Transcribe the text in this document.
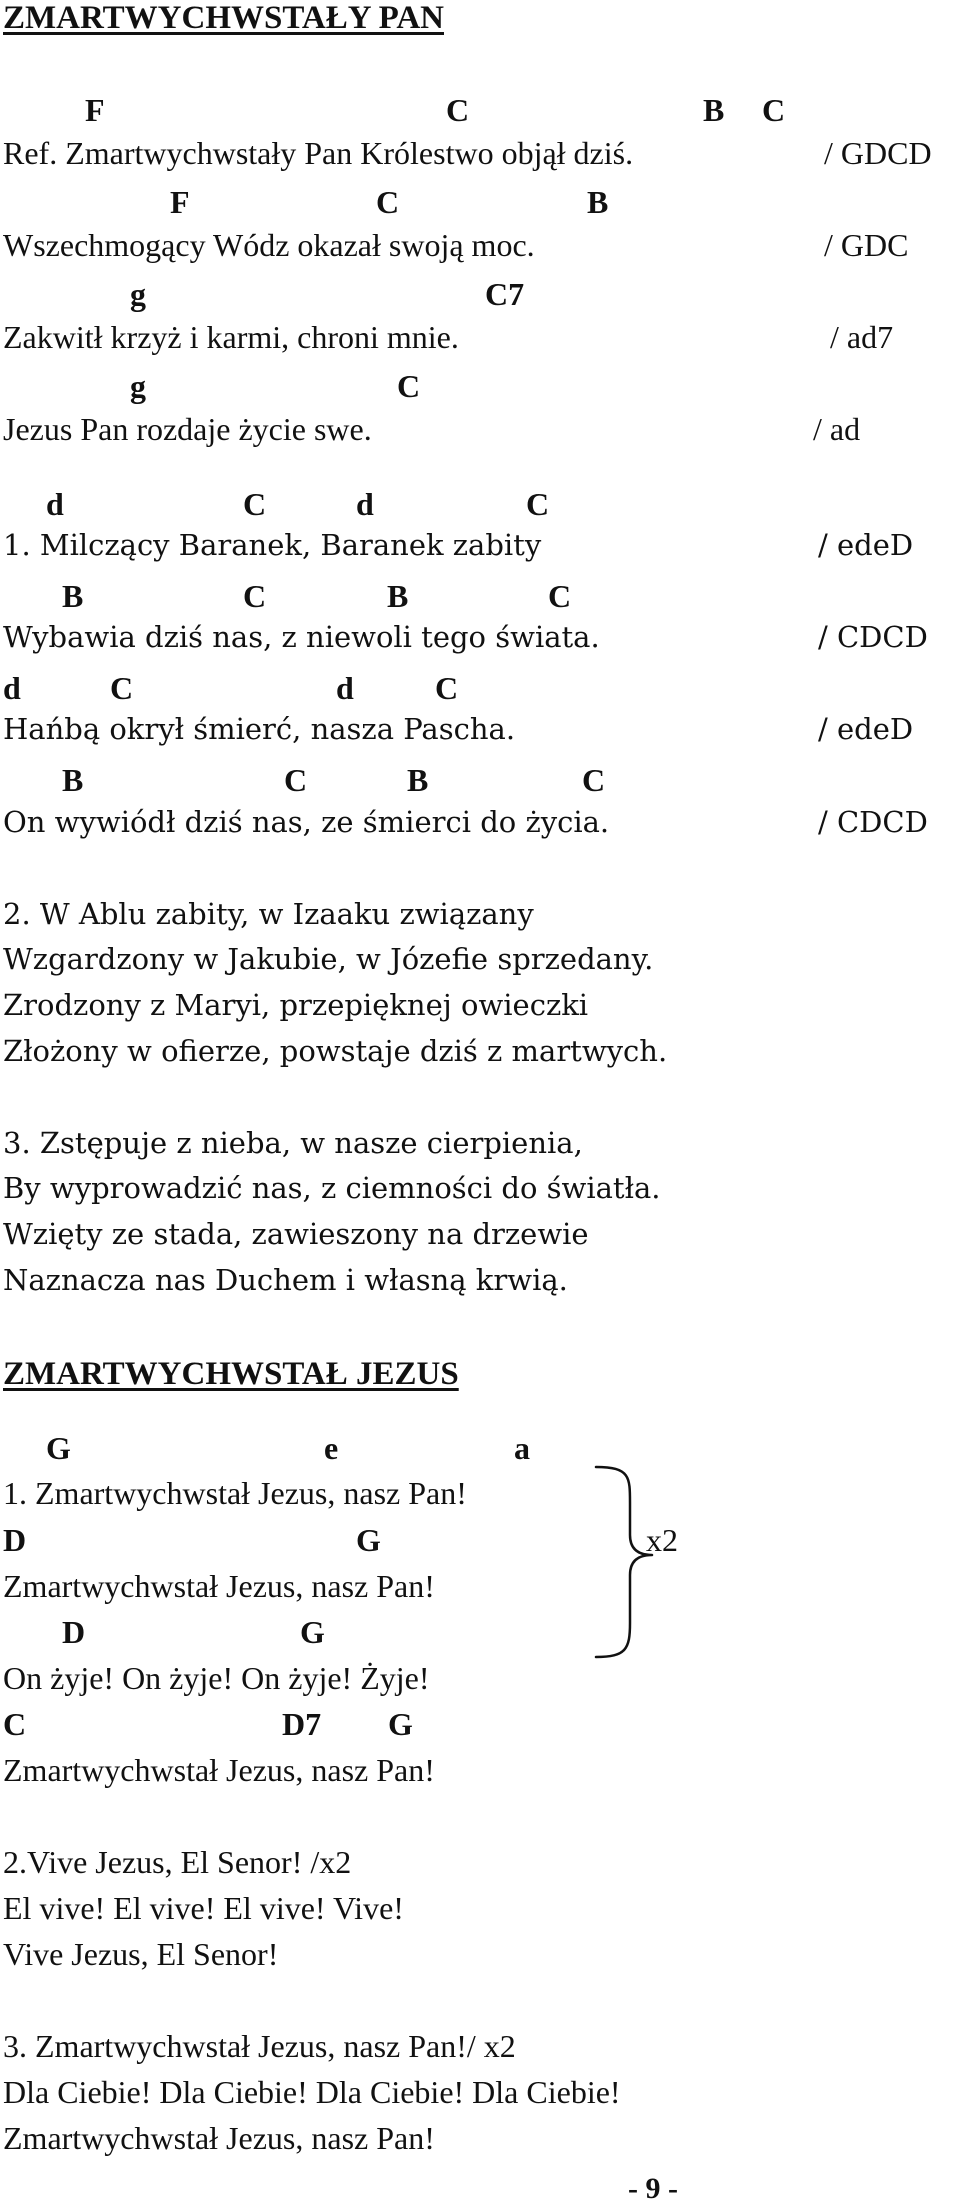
ZMARTWYCHWSTAŁY PAN
F	C	B C
Ref. Zmartwychwstały Pan Królestwo objął dziś.	/ GDCD
F	C	B
Wszechmogący Wódz okazał swoją moc.	/ GDC
g	C7
Zakwitł krzyż i karmi, chroni mnie.	/ ad7
g	C
Jezus Pan rozdaje życie swe.	/ ad
d	C	d	C
1. Milczący Baranek, Baranek zabity	/ edeD
B	C	B	C
Wybawia dziś nas, z niewoli tego świata.	/ CDCD
d	C	d	C
Hańbą okrył śmierć, nasza Pascha.	/ edeD
B	C	B	C
On wywiódł dziś nas, ze śmierci do życia.	/ CDCD
2. W Ablu zabity, w Izaaku związany
Wzgardzony w Jakubie, w Józefie sprzedany.
Zrodzony z Maryi, przepięknej owieczki
Złożony w ofierze, powstaje dziś z martwych.
3. Zstępuje z nieba, w nasze cierpienia,
By wyprowadzić nas, z ciemności do światła.
Wzięty ze stada, zawieszony na drzewie
Naznacza nas Duchem i własną krwią.
ZMARTWYCHWSTAŁ JEZUS
G	e	a
1. Zmartwychwstał Jezus, nasz Pan!
D	G	x2
Zmartwychwstał Jezus, nasz Pan!
D	G
On żyje! On żyje! On żyje! Żyje!
C	D7 G
Zmartwychwstał Jezus, nasz Pan!
2.Vive Jezus, El Senor! /x2
El vive! El vive! El vive! Vive!
Vive Jezus, El Senor!
3. Zmartwychwstał Jezus, nasz Pan!/ x2
Dla Ciebie! Dla Ciebie! Dla Ciebie! Dla Ciebie!
Zmartwychwstał Jezus, nasz Pan!
- 9 -
